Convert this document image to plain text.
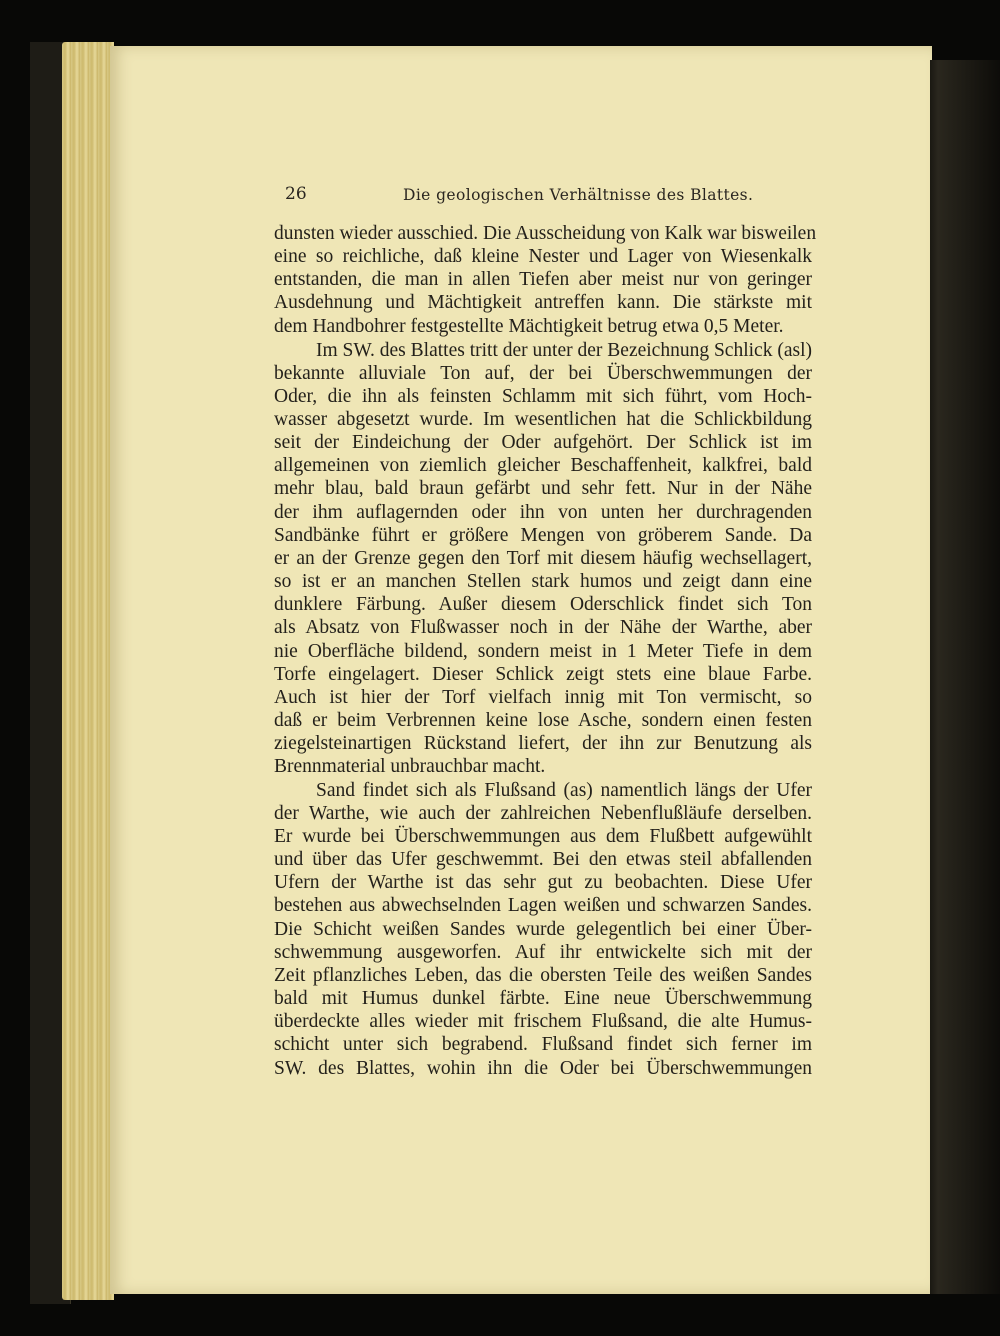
26	Die geologischen Verhältnisse des Blattes.
dunsten wieder ausschied. Die Ausscheidung von Kalk war bisweilen
eine so reichliche, daß kleine Nester und Lager von Wiesenkalk
entstanden, die man in allen Tiefen aber meist nur von geringer
Ausdehnung und Mächtigkeit antreffen kann. Die stärkste mit
dem Handbohrer festgestellte Mächtigkeit betrug etwa 0,5 Meter.
Im SW. des Blattes tritt der unter der Bezeichnung Schlick (asl)
bekannte alluviale Ton auf, der bei Überschwemmungen der
Oder, die ihn als feinsten Schlamm mit sich führt, vom Hoch-
wasser abgesetzt wurde. Im wesentlichen hat die Schlickbildung
seit der Eindeichung der Oder aufgehört. Der Schlick ist im
allgemeinen von ziemlich gleicher Beschaffenheit, kalkfrei, bald
mehr blau, bald braun gefärbt und sehr fett. Nur in der Nähe
der ihm auflagernden oder ihn von unten her durchragenden
Sandbänke führt er größere Mengen von gröberem Sande. Da
er an der Grenze gegen den Torf mit diesem häufig wechsellagert,
so ist er an manchen Stellen stark humos und zeigt dann eine
dunklere Färbung. Außer diesem Oderschlick findet sich Ton
als Absatz von Flußwasser noch in der Nähe der Warthe, aber
nie Oberfläche bildend, sondern meist in 1 Meter Tiefe in dem
Torfe eingelagert. Dieser Schlick zeigt stets eine blaue Farbe.
Auch ist hier der Torf vielfach innig mit Ton vermischt, so
daß er beim Verbrennen keine lose Asche, sondern einen festen
ziegelsteinartigen Rückstand liefert, der ihn zur Benutzung als
Brennmaterial unbrauchbar macht.
Sand findet sich als Flußsand (as) namentlich längs der Ufer
der Warthe, wie auch der zahlreichen Nebenflußläufe derselben.
Er wurde bei Überschwemmungen aus dem Flußbett aufgewühlt
und über das Ufer geschwemmt. Bei den etwas steil abfallenden
Ufern der Warthe ist das sehr gut zu beobachten. Diese Ufer
bestehen aus abwechselnden Lagen weißen und schwarzen Sandes.
Die Schicht weißen Sandes wurde gelegentlich bei einer Über-
schwemmung ausgeworfen. Auf ihr entwickelte sich mit der
Zeit pflanzliches Leben, das die obersten Teile des weißen Sandes
bald mit Humus dunkel färbte. Eine neue Überschwemmung
überdeckte alles wieder mit frischem Flußsand, die alte Humus-
schicht unter sich begrabend. Flußsand findet sich ferner im
SW. des Blattes, wohin ihn die Oder bei Überschwemmungen
